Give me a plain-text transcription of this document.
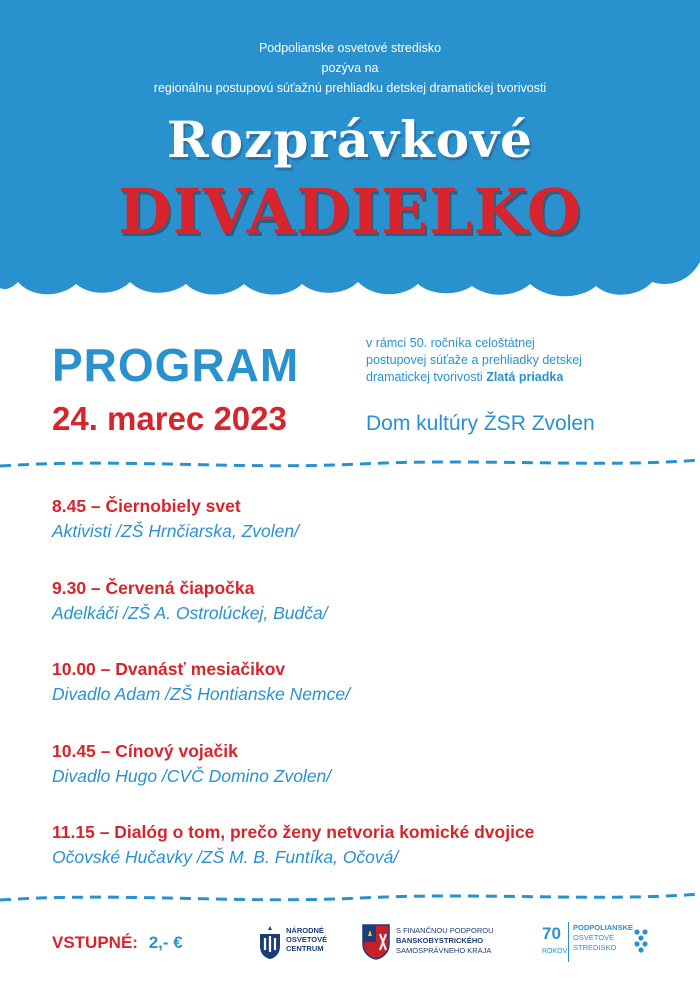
Podpolianske osvetové stredisko
pozýva na
regionálnu postupovú súťažnú prehliadku detskej dramatickej tvorivosti
Rozprávkové
DIVADIELKO
PROGRAM	v rámci 50. ročníka celoštátnej
postupovej súťaže a prehliadky detskej
dramatickej tvorivosti Zlatá priadka
24. marec 2023	Dom kultúry ŽSR Zvolen
8.45 – Čiernobiely svet
Aktivisti /ZŠ Hrnčiarska, Zvolen/
9.30 – Červená čiapočka
Adelkáči /ZŠ A. Ostrolúckej, Budča/
10.00 – Dvanásť mesiačikov
Divadlo Adam /ZŠ Hontianske Nemce/
10.45 – Cínový vojačik
Divadlo Hugo /CVČ Domino Zvolen/
11.15 – Dialóg o tom, prečo ženy netvoria komické dvojice
Očovské Hučavky /ZŠ M. B. Funtíka, Očová/
VSTUPNÉ: 2,- €
NÁRODNÉ
OSVETOVÉ
CENTRUM
S FINANČNOU PODPOROU
BANSKOBYSTRICKÉHO
SAMOSPRÁVNEHO KRAJA
70
ROKOV
PODPOLIANSKE
OSVETOVÉ
STREDISKO
